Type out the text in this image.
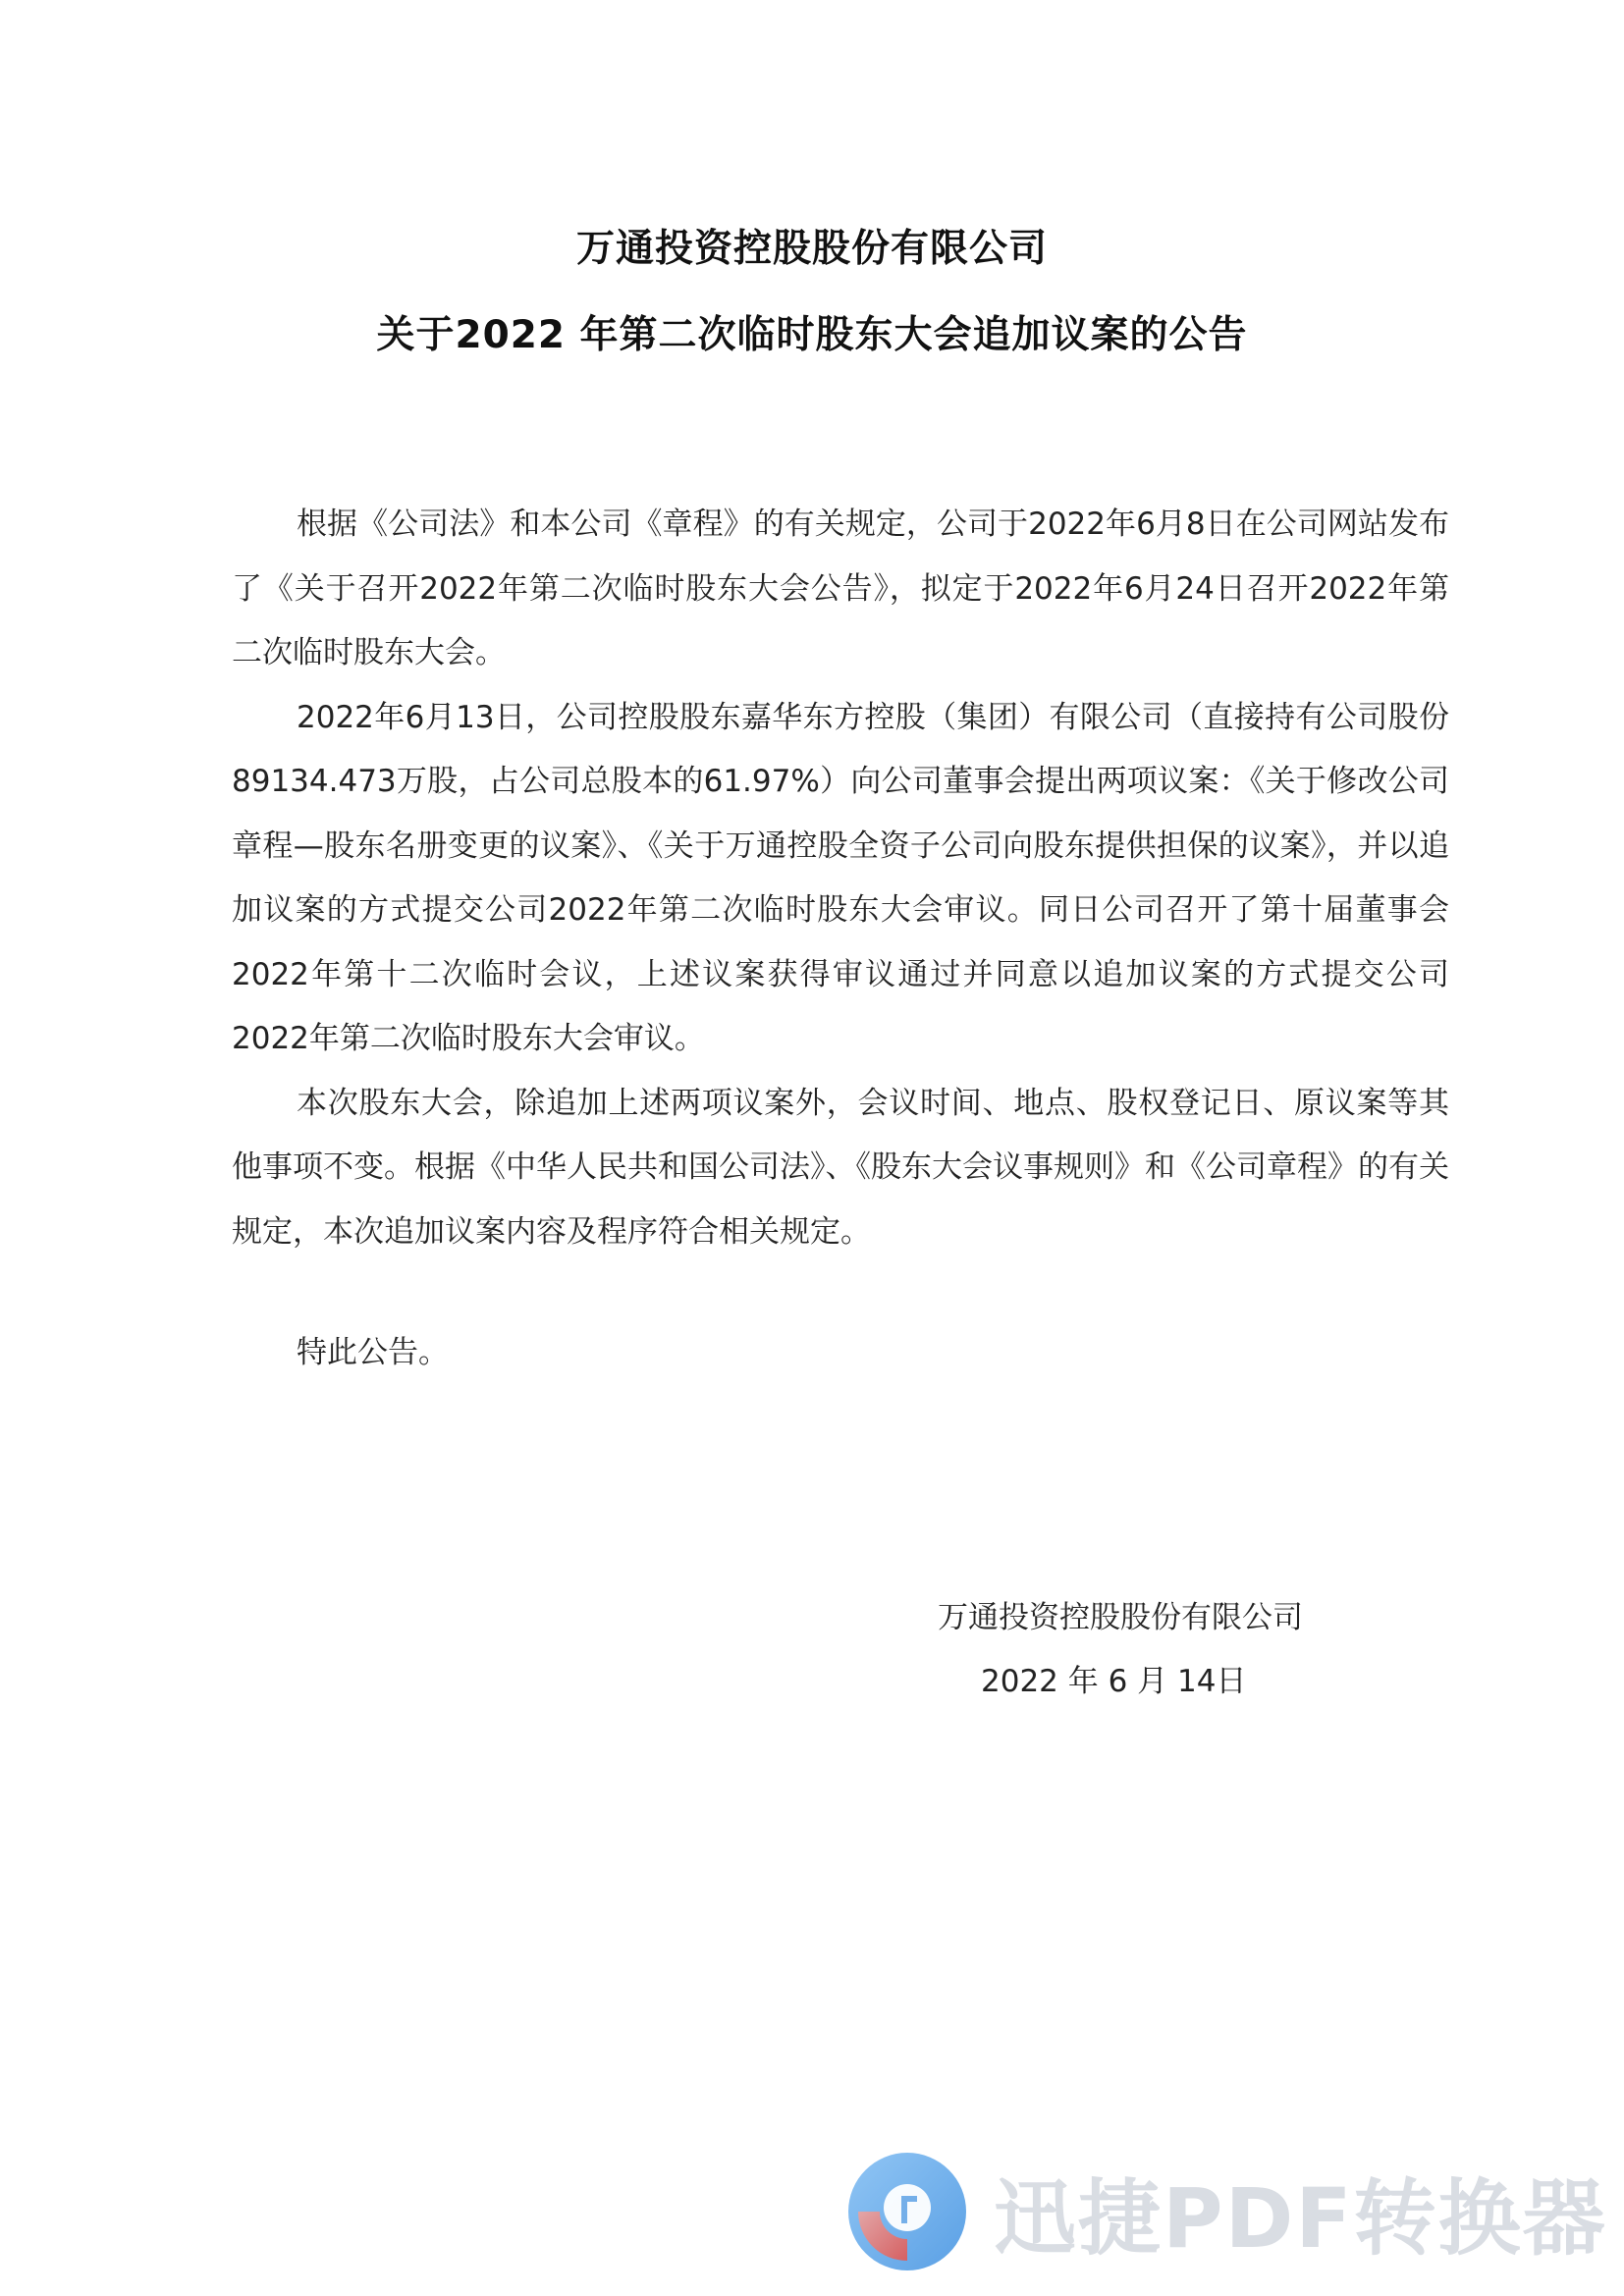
万通投资控股股份有限公司
关于2022 年第二次临时股东大会追加议案的公告

根据《公司法》和本公司《章程》的有关规定，公司于2022年6月8日在公司网站发布了《关于召开2022年第二次临时股东大会公告》，拟定于2022年6月24日召开2022年第二次临时股东大会。

2022年6月13日，公司控股股东嘉华东方控股（集团）有限公司（直接持有公司股份89134.473万股，占公司总股本的61.97%）向公司董事会提出两项议案：《关于修改公司章程—股东名册变更的议案》、《关于万通控股全资子公司向股东提供担保的议案》，并以追加议案的方式提交公司2022年第二次临时股东大会审议。同日公司召开了第十届董事会2022年第十二次临时会议，上述议案获得审议通过并同意以追加议案的方式提交公司2022年第二次临时股东大会审议。

本次股东大会，除追加上述两项议案外，会议时间、地点、股权登记日、原议案等其他事项不变。根据《中华人民共和国公司法》、《股东大会议事规则》和《公司章程》的有关规定，本次追加议案内容及程序符合相关规定。

特此公告。
万通投资控股股份有限公司
2022 年 6 月 14日
迅捷PDF转换器
